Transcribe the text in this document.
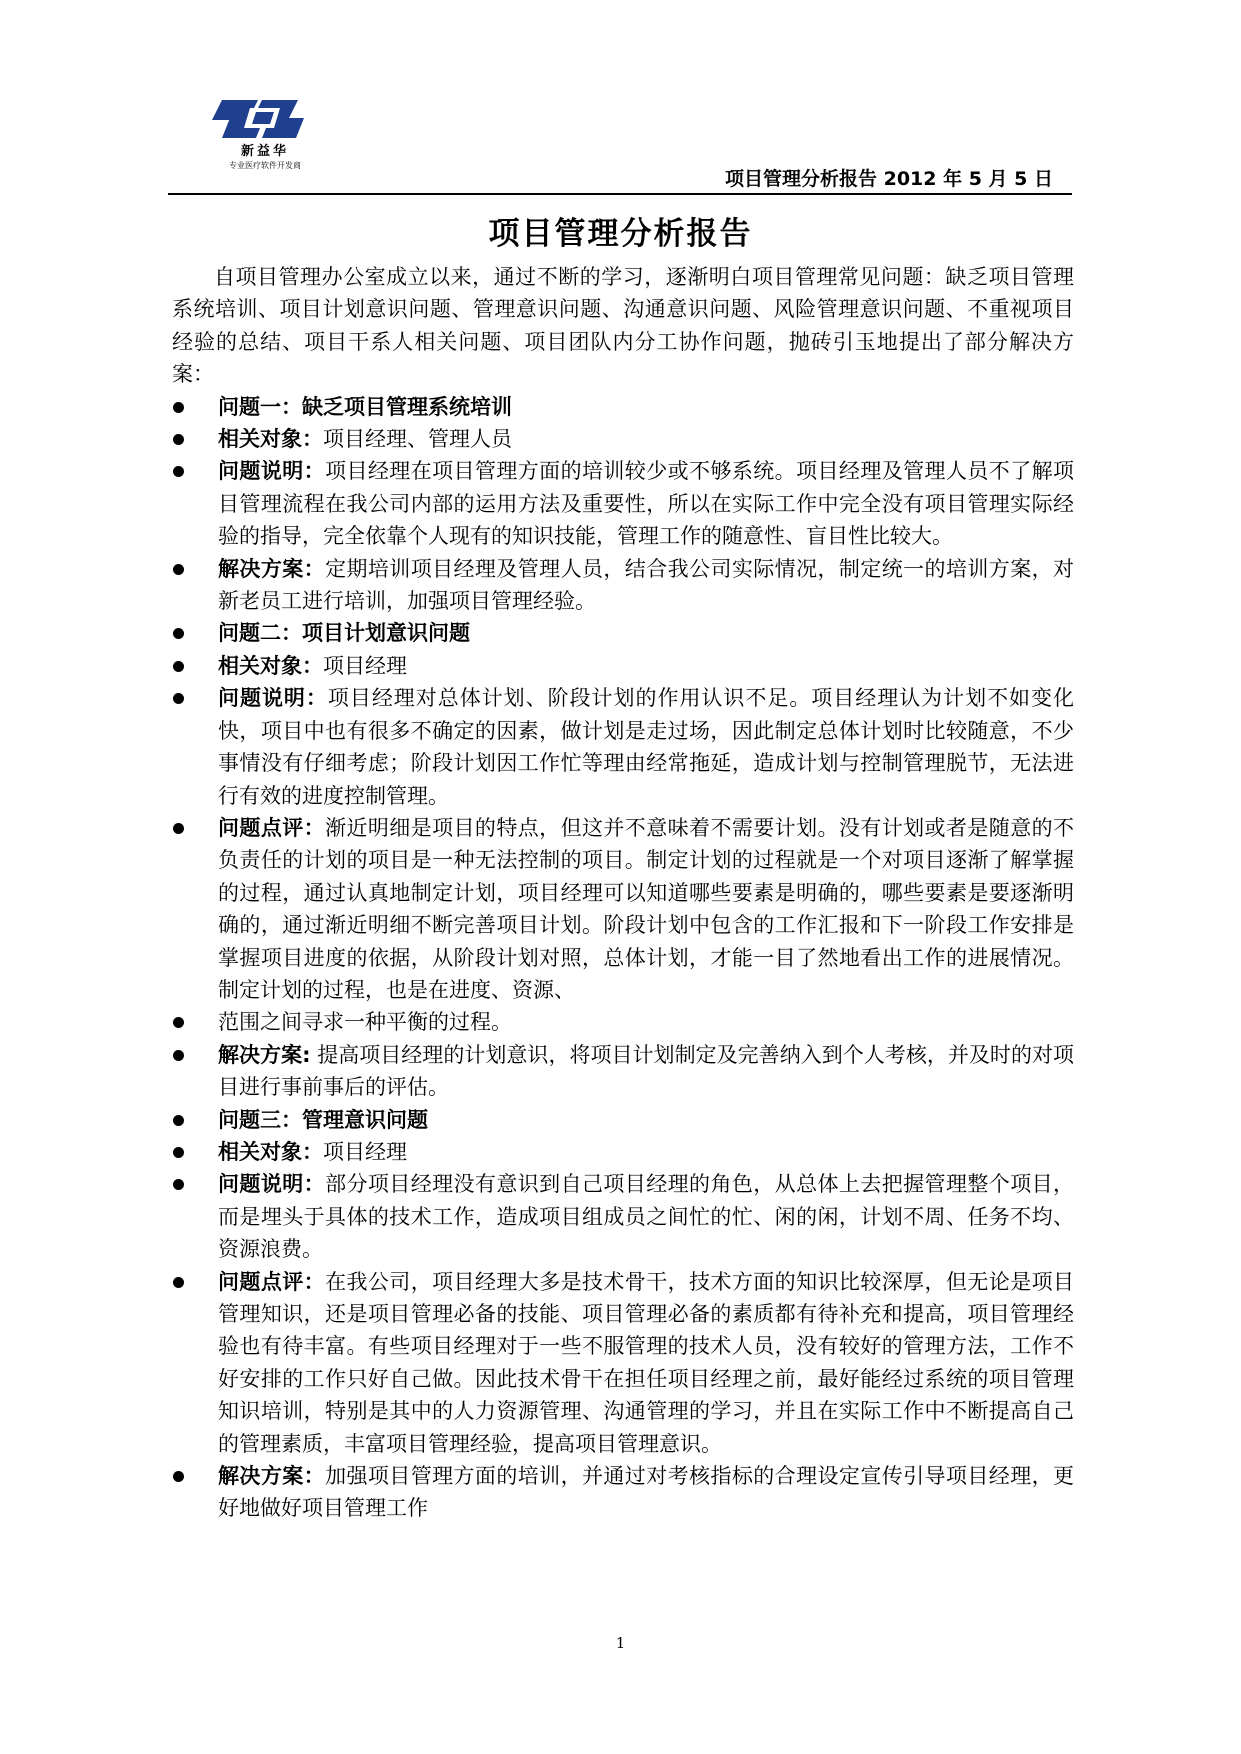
新益华
专业医疗软件开发商
项目管理分析报告 2012 年 5 月 5 日
项目管理分析报告

自项目管理办公室成立以来，通过不断的学习，逐渐明白项目管理常见问题：缺乏项目管理系统培训、项目计划意识问题、管理意识问题、沟通意识问题、风险管理意识问题、不重视项目经验的总结、项目干系人相关问题、项目团队内分工协作问题，抛砖引玉地提出了部分解决方案：

问题一：缺乏项目管理系统培训
相关对象：项目经理、管理人员
问题说明：项目经理在项目管理方面的培训较少或不够系统。项目经理及管理人员不了解项目管理流程在我公司内部的运用方法及重要性，所以在实际工作中完全没有项目管理实际经验的指导，完全依靠个人现有的知识技能，管理工作的随意性、盲目性比较大。
解决方案：定期培训项目经理及管理人员，结合我公司实际情况，制定统一的培训方案，对新老员工进行培训，加强项目管理经验。
问题二：项目计划意识问题
相关对象：项目经理
问题说明：项目经理对总体计划、阶段计划的作用认识不足。项目经理认为计划不如变化快，项目中也有很多不确定的因素，做计划是走过场，因此制定总体计划时比较随意，不少事情没有仔细考虑；阶段计划因工作忙等理由经常拖延，造成计划与控制管理脱节，无法进行有效的进度控制管理。
问题点评：渐近明细是项目的特点，但这并不意味着不需要计划。没有计划或者是随意的不负责任的计划的项目是一种无法控制的项目。制定计划的过程就是一个对项目逐渐了解掌握的过程，通过认真地制定计划，项目经理可以知道哪些要素是明确的，哪些要素是要逐渐明确的，通过渐近明细不断完善项目计划。阶段计划中包含的工作汇报和下一阶段工作安排是掌握项目进度的依据，从阶段计划对照，总体计划，才能一目了然地看出工作的进展情况。制定计划的过程，也是在进度、资源、
范围之间寻求一种平衡的过程。
解决方案: 提高项目经理的计划意识，将项目计划制定及完善纳入到个人考核，并及时的对项目进行事前事后的评估。
问题三：管理意识问题
相关对象：项目经理
问题说明：部分项目经理没有意识到自己项目经理的角色，从总体上去把握管理整个项目，而是埋头于具体的技术工作，造成项目组成员之间忙的忙、闲的闲，计划不周、任务不均、资源浪费。
问题点评：在我公司，项目经理大多是技术骨干，技术方面的知识比较深厚，但无论是项目管理知识，还是项目管理必备的技能、项目管理必备的素质都有待补充和提高，项目管理经验也有待丰富。有些项目经理对于一些不服管理的技术人员，没有较好的管理方法，工作不好安排的工作只好自己做。因此技术骨干在担任项目经理之前，最好能经过系统的项目管理知识培训，特别是其中的人力资源管理、沟通管理的学习，并且在实际工作中不断提高自己的管理素质，丰富项目管理经验，提高项目管理意识。
解决方案：加强项目管理方面的培训，并通过对考核指标的合理设定宣传引导项目经理，更好地做好项目管理工作
1
